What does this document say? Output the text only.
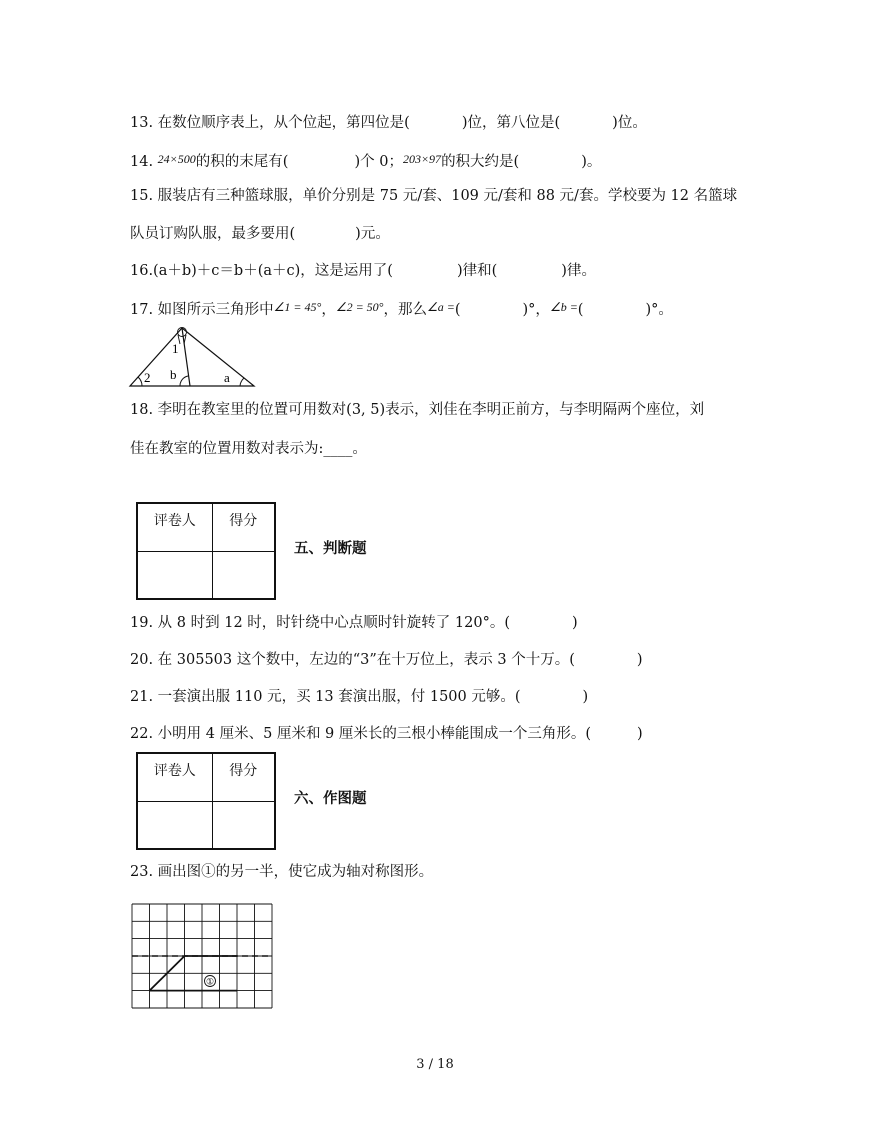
13. 在数位顺序表上，从个位起，第四位是(	)位，第八位是(	)位。
14. $^{24\times 500}$的积的末尾有(	)个 0；$^{203\times 97}$的积大约是(	)。
15. 服装店有三种篮球服，单价分别是 75 元/套、109 元/套和 88 元/套。学校要为 12 名篮球
队员订购队服，最多要用(	)元。
16.(a＋b)＋c＝b＋(a＋c)，这是运用了(	)律和(	)律。
17. 如图所示三角形中$^{\angle 1 = 45^\circ}$，$^{\angle 2 = 50^\circ}$，那么$^{\angle a =}$(	)°，$^{\angle b =}$(	)°。
1
2 b	a
18. 李明在教室里的位置可用数对(3, 5)表示，刘佳在李明正前方，与李明隔两个座位，刘
佳在教室的位置用数对表示为:____。
评卷人	得分

五、判断题
19. 从 8 时到 12 时，时针绕中心点顺时针旋转了 120°。(	)
20. 在 305503 这个数中，左边的“3”在十万位上，表示 3 个十万。(	)
21. 一套演出服 110 元，买 13 套演出服，付 1500 元够。(	)
22. 小明用 4 厘米、5 厘米和 9 厘米长的三根小棒能围成一个三角形。(	)
评卷人	得分

六、作图题
23. 画出图①的另一半，使它成为轴对称图形。
①
3 / 18
